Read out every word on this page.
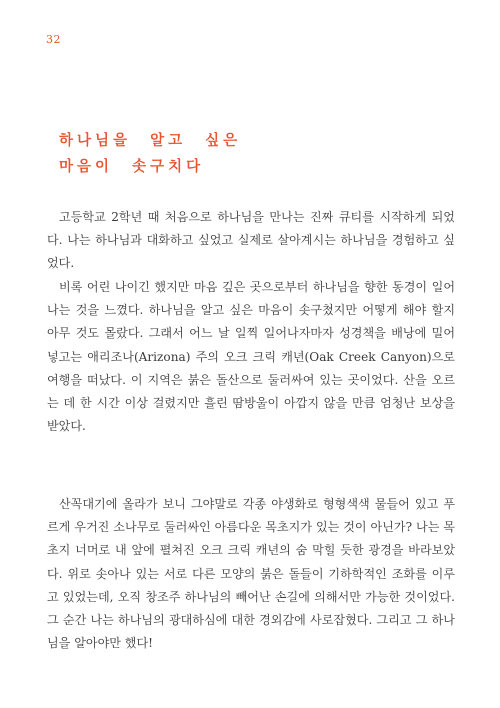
32
하나님을 알고 싶은
마음이 솟구치다

고등학교 2학년 때 처음으로 하나님을 만나는 진짜 큐티를 시작하게 되었다. 나는 하나님과 대화하고 싶었고 실제로 살아계시는 하나님을 경험하고 싶었다.

비록 어린 나이긴 했지만 마음 깊은 곳으로부터 하나님을 향한 동경이 일어나는 것을 느꼈다. 하나님을 알고 싶은 마음이 솟구쳤지만 어떻게 해야 할지 아무 것도 몰랐다. 그래서 어느 날 일찍 일어나자마자 성경책을 배낭에 밀어 넣고는 애리조나(Arizona) 주의 오크 크릭 캐년(Oak Creek Canyon)으로 여행을 떠났다. 이 지역은 붉은 돌산으로 둘러싸여 있는 곳이었다. 산을 오르는 데 한 시간 이상 걸렸지만 흘린 땀방울이 아깝지 않을 만큼 엄청난 보상을 받았다.

산꼭대기에 올라가 보니 그야말로 각종 야생화로 형형색색 물들어 있고 푸르게 우거진 소나무로 둘러싸인 아름다운 목초지가 있는 것이 아닌가? 나는 목초지 너머로 내 앞에 펼쳐진 오크 크릭 캐년의 숨 막힐 듯한 광경을 바라보았다. 위로 솟아나 있는 서로 다른 모양의 붉은 돌들이 기하학적인 조화를 이루고 있었는데, 오직 창조주 하나님의 빼어난 손길에 의해서만 가능한 것이었다. 그 순간 나는 하나님의 광대하심에 대한 경외감에 사로잡혔다. 그리고 그 하나님을 알아야만 했다!
